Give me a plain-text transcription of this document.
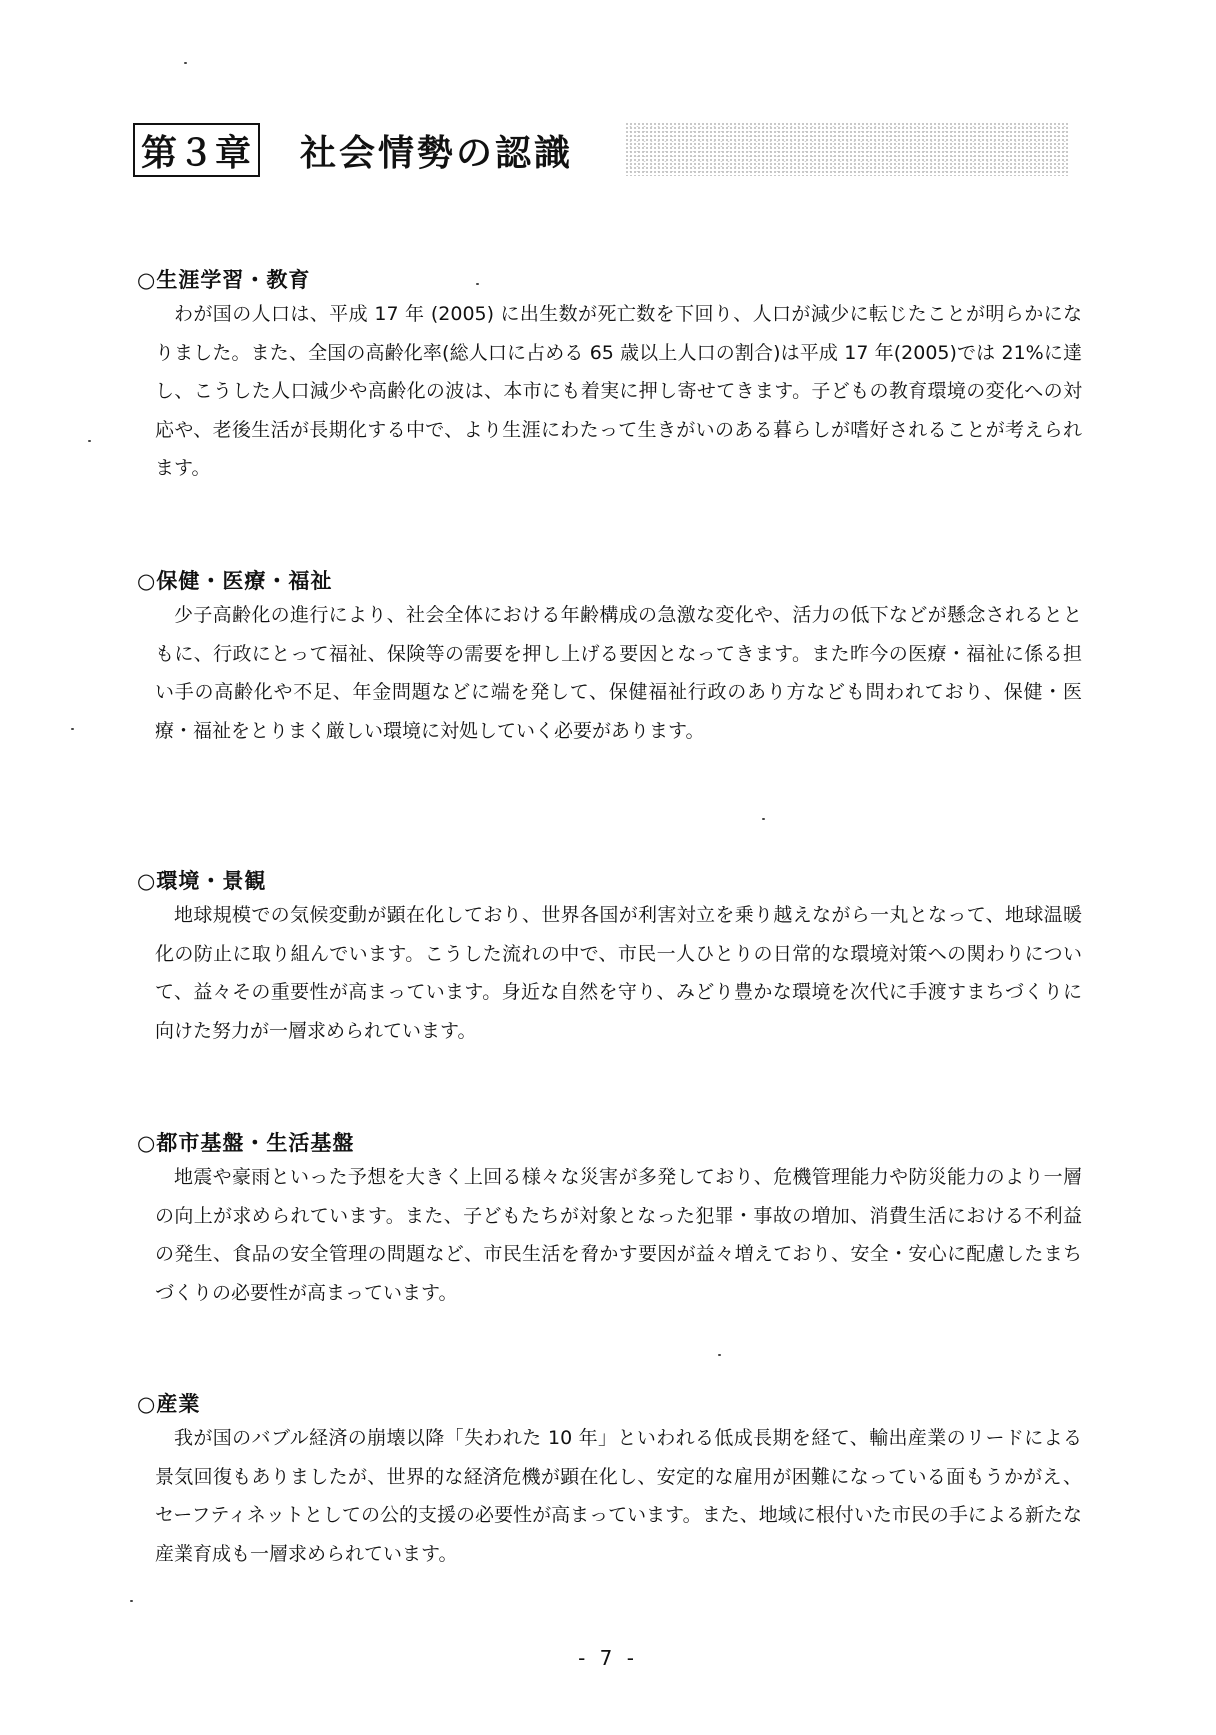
第３章 社会情勢の認識
○生涯学習・教育

わが国の人口は、平成 17 年 (2005) に出生数が死亡数を下回り、人口が減少に転じたことが明らかになりました。また、全国の高齢化率(総人口に占める 65 歳以上人口の割合)は平成 17 年(2005)では 21%に達し、こうした人口減少や高齢化の波は、本市にも着実に押し寄せてきます。子どもの教育環境の変化への対応や、老後生活が長期化する中で、より生涯にわたって生きがいのある暮らしが嗜好されることが考えられます。

○保健・医療・福祉

少子高齢化の進行により、社会全体における年齢構成の急激な変化や、活力の低下などが懸念されるとともに、行政にとって福祉、保険等の需要を押し上げる要因となってきます。また昨今の医療・福祉に係る担い手の高齢化や不足、年金問題などに端を発して、保健福祉行政のあり方なども問われており、保健・医療・福祉をとりまく厳しい環境に対処していく必要があります。

○環境・景観

地球規模での気候変動が顕在化しており、世界各国が利害対立を乗り越えながら一丸となって、地球温暖化の防止に取り組んでいます。こうした流れの中で、市民一人ひとりの日常的な環境対策への関わりについて、益々その重要性が高まっています。身近な自然を守り、みどり豊かな環境を次代に手渡すまちづくりに向けた努力が一層求められています。

○都市基盤・生活基盤

地震や豪雨といった予想を大きく上回る様々な災害が多発しており、危機管理能力や防災能力のより一層の向上が求められています。また、子どもたちが対象となった犯罪・事故の増加、消費生活における不利益の発生、食品の安全管理の問題など、市民生活を脅かす要因が益々増えており、安全・安心に配慮したまちづくりの必要性が高まっています。

○産業

我が国のバブル経済の崩壊以降「失われた 10 年」といわれる低成長期を経て、輸出産業のリードによる景気回復もありましたが、世界的な経済危機が顕在化し、安定的な雇用が困難になっている面もうかがえ、セーフティネットとしての公的支援の必要性が高まっています。また、地域に根付いた市民の手による新たな産業育成も一層求められています。

- 7 -
